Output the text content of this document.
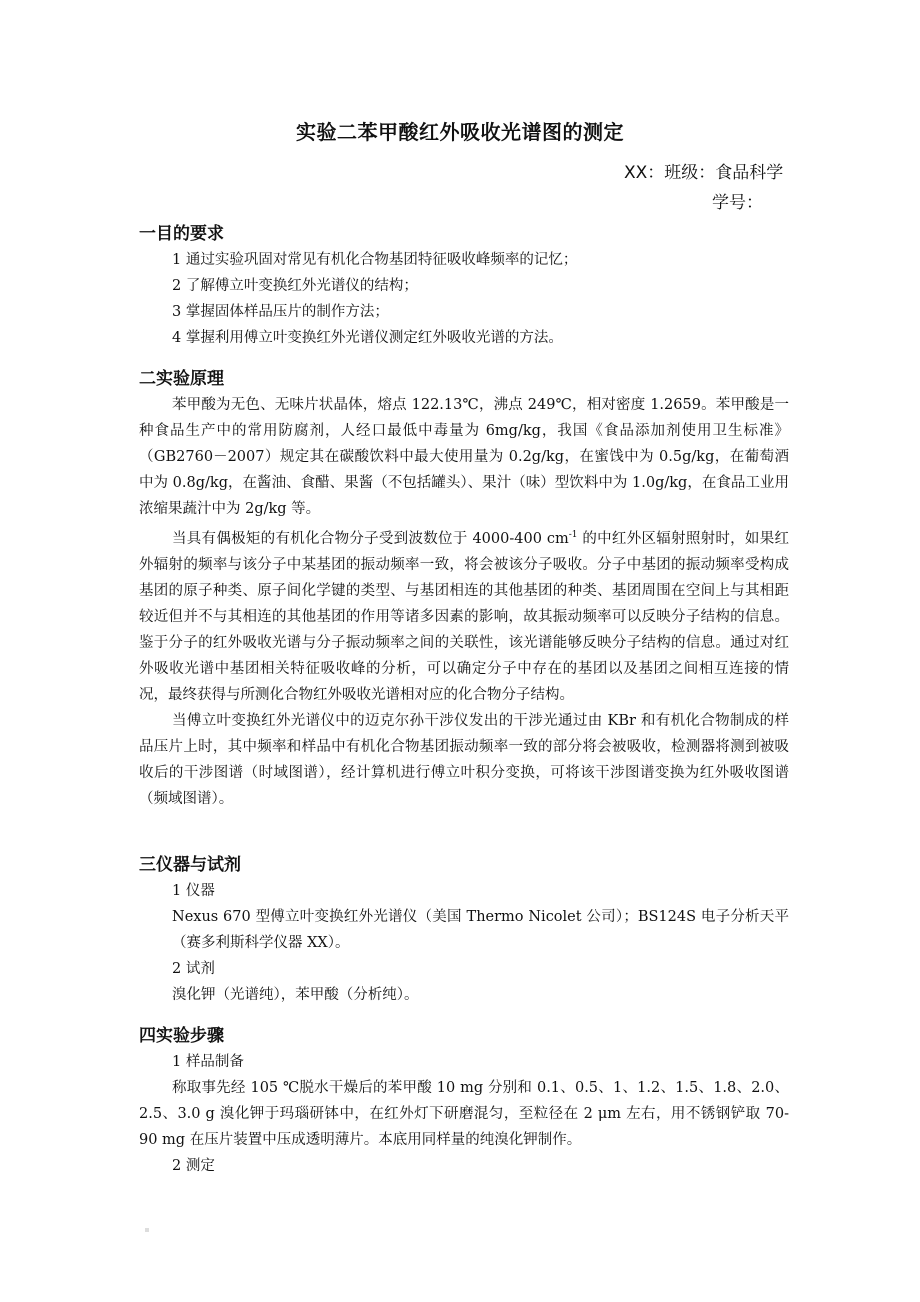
实验二苯甲酸红外吸收光谱图的测定
XX：班级：食品科学
学号：
一目的要求
1 通过实验巩固对常见有机化合物基团特征吸收峰频率的记忆；
2 了解傅立叶变换红外光谱仪的结构；
3 掌握固体样品压片的制作方法；
4 掌握利用傅立叶变换红外光谱仪测定红外吸收光谱的方法。
二实验原理

苯甲酸为无色、无味片状晶体，熔点 122.13℃，沸点 249℃，相对密度 1.2659。苯甲酸是一种食品生产中的常用防腐剂，人经口最低中毒量为 6mg/kg，我国《食品添加剂使用卫生标准》（GB2760－2007）规定其在碳酸饮料中最大使用量为 0.2g/kg，在蜜饯中为 0.5g/kg，在葡萄酒中为 0.8g/kg，在酱油、食醋、果酱（不包括罐头）、果汁（味）型饮料中为 1.0g/kg，在食品工业用浓缩果蔬汁中为 2g/kg 等。

当具有偶极矩的有机化合物分子受到波数位于 4000-400 $cm^{-1}$ 的中红外区辐射照射时，如果红外辐射的频率与该分子中某基团的振动频率一致，将会被该分子吸收。分子中基团的振动频率受构成基团的原子种类、原子间化学键的类型、与基团相连的其他基团的种类、基团周围在空间上与其相距较近但并不与其相连的其他基团的作用等诸多因素的影响，故其振动频率可以反映分子结构的信息。鉴于分子的红外吸收光谱与分子振动频率之间的关联性，该光谱能够反映分子结构的信息。通过对红外吸收光谱中基团相关特征吸收峰的分析，可以确定分子中存在的基团以及基团之间相互连接的情况，最终获得与所测化合物红外吸收光谱相对应的化合物分子结构。

当傅立叶变换红外光谱仪中的迈克尔孙干涉仪发出的干涉光通过由 KBr 和有机化合物制成的样品压片上时，其中频率和样品中有机化合物基团振动频率一致的部分将会被吸收，检测器将测到被吸收后的干涉图谱（时域图谱），经计算机进行傅立叶积分变换，可将该干涉图谱变换为红外吸收图谱（频域图谱）。

三仪器与试剂
1 仪器

Nexus 670 型傅立叶变换红外光谱仪（美国 Thermo Nicolet 公司）；BS124S 电子分析天平（赛多利斯科学仪器 XX）。

2 试剂
溴化钾（光谱纯），苯甲酸（分析纯）。
四实验步骤
1 样品制备

称取事先经 105 ℃脱水干燥后的苯甲酸 10 mg 分别和 0.1、0.5、1、1.2、1.5、1.8、2.0、2.5、3.0 g 溴化钾于玛瑙研钵中，在红外灯下研磨混匀，至粒径在 2 μm 左右，用不锈钢铲取 70-90 mg 在压片装置中压成透明薄片。本底用同样量的纯溴化钾制作。

2 测定
